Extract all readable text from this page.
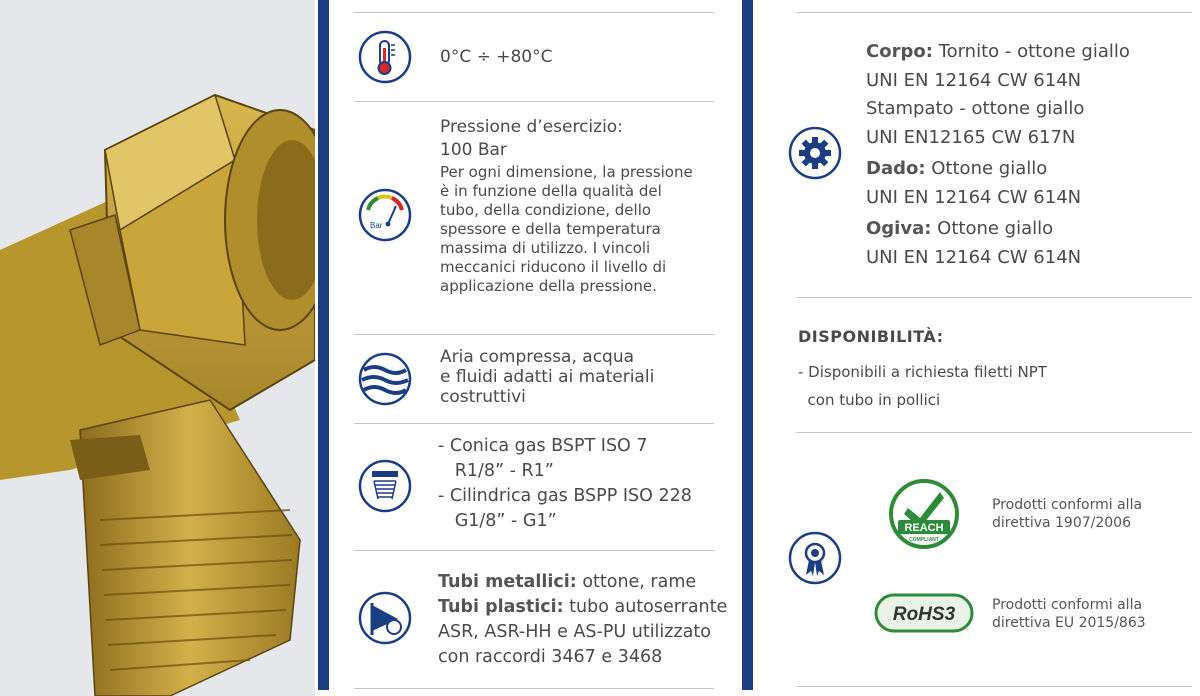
0°C ÷ +80°C
Bar
Pressione d’esercizio:
100 Bar
Per ogni dimensione, la pressione
è in funzione della qualità del
tubo, della condizione, dello
spessore e della temperatura
massima di utilizzo. I vincoli
meccanici riducono il livello di
applicazione della pressione.
Aria compressa, acqua
e fluidi adatti ai materiali
costruttivi
- Conica gas BSPT ISO 7
R1/8” - R1”
- Cilindrica gas BSPP ISO 228
G1/8” - G1”
Tubi metallici: ottone, rame
Tubi plastici: tubo autoserrante
ASR, ASR-HH e AS-PU utilizzato
con raccordi 3467 e 3468
Corpo: Tornito - ottone giallo
UNI EN 12164 CW 614N
Stampato - ottone giallo
UNI EN12165 CW 617N
Dado: Ottone giallo
UNI EN 12164 CW 614N
Ogiva: Ottone giallo
UNI EN 12164 CW 614N
DISPONIBILITÀ:
- Disponibili a richiesta filetti NPT
con tubo in pollici
REACH
COMPLIANT
Prodotti conformi alla
direttiva 1907/2006
RoHS3	Prodotti conformi alla
direttiva EU 2015/863
